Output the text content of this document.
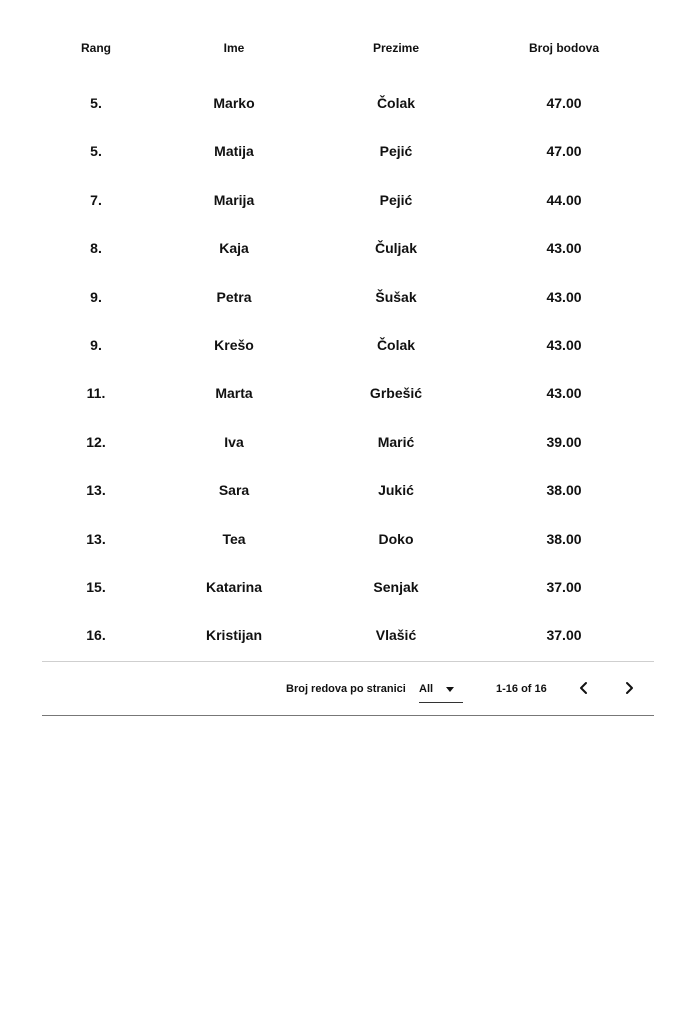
Rang	Ime	Prezime	Broj bodova
5.	Marko	Čolak	47.00
5.	Matija	Pejić	47.00
7.	Marija	Pejić	44.00
8.	Kaja	Čuljak	43.00
9.	Petra	Šušak	43.00
9.	Krešo	Čolak	43.00
11.	Marta	Grbešić	43.00
12.	Iva	Marić	39.00
13.	Sara	Jukić	38.00
13.	Tea	Doko	38.00
15.	Katarina	Senjak	37.00
16.	Kristijan	Vlašić	37.00
Broj redova po stranici All	1-16 of 16
